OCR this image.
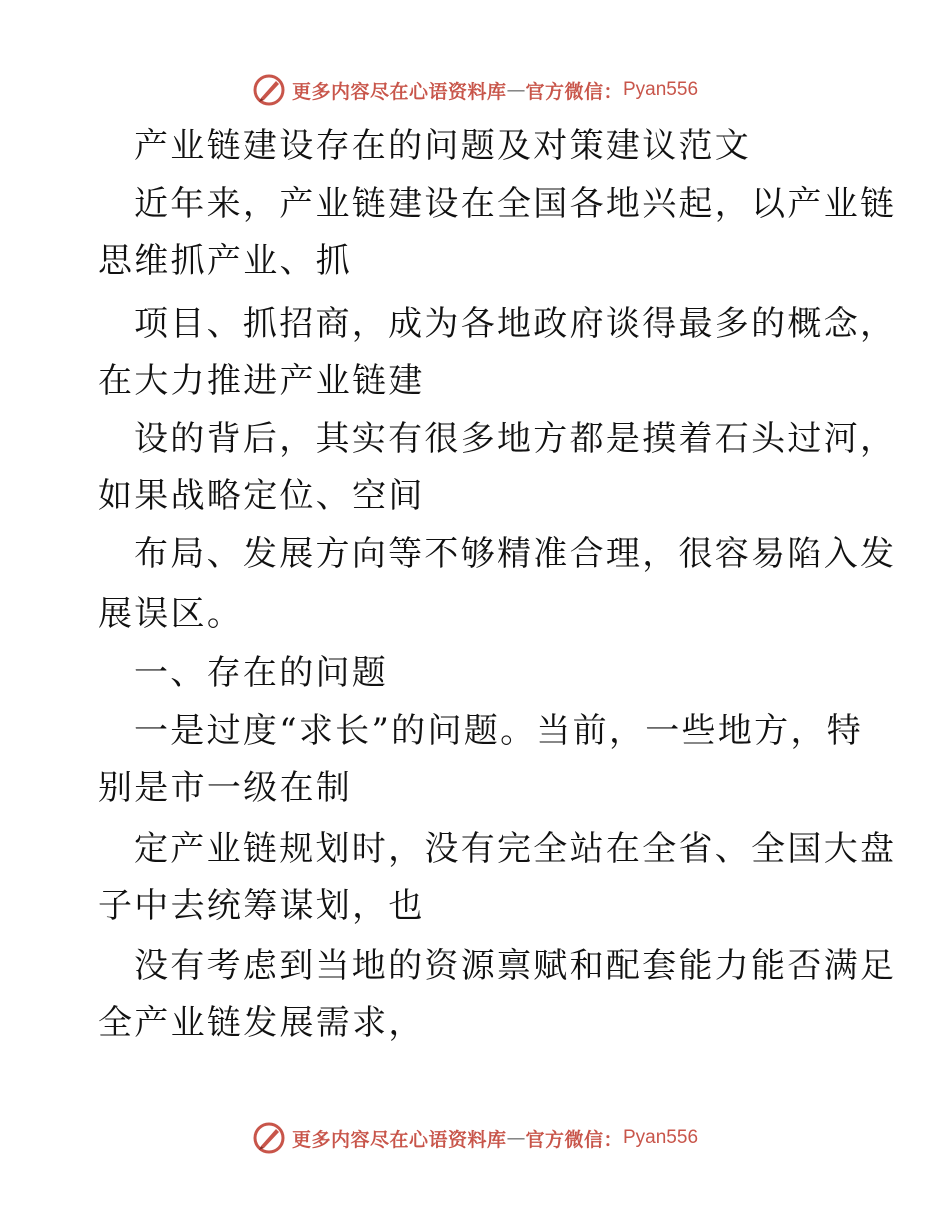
更多内容尽在心语资料库 — 官方微信： Pyan556
产业链建设存在的问题及对策建议范文
近年来，产业链建设在全国各地兴起，以产业链
思维抓产业、抓
项目、抓招商，成为各地政府谈得最多的概念，
在大力推进产业链建
设的背后，其实有很多地方都是摸着石头过河，
如果战略定位、空间
布局、发展方向等不够精准合理，很容易陷入发
展误区。
一、存在的问题
一是过度“求长”的问题。当前，一些地方，特
别是市一级在制
定产业链规划时，没有完全站在全省、全国大盘
子中去统筹谋划，也
没有考虑到当地的资源禀赋和配套能力能否满足
全产业链发展需求，
更多内容尽在心语资料库 — 官方微信： Pyan556
